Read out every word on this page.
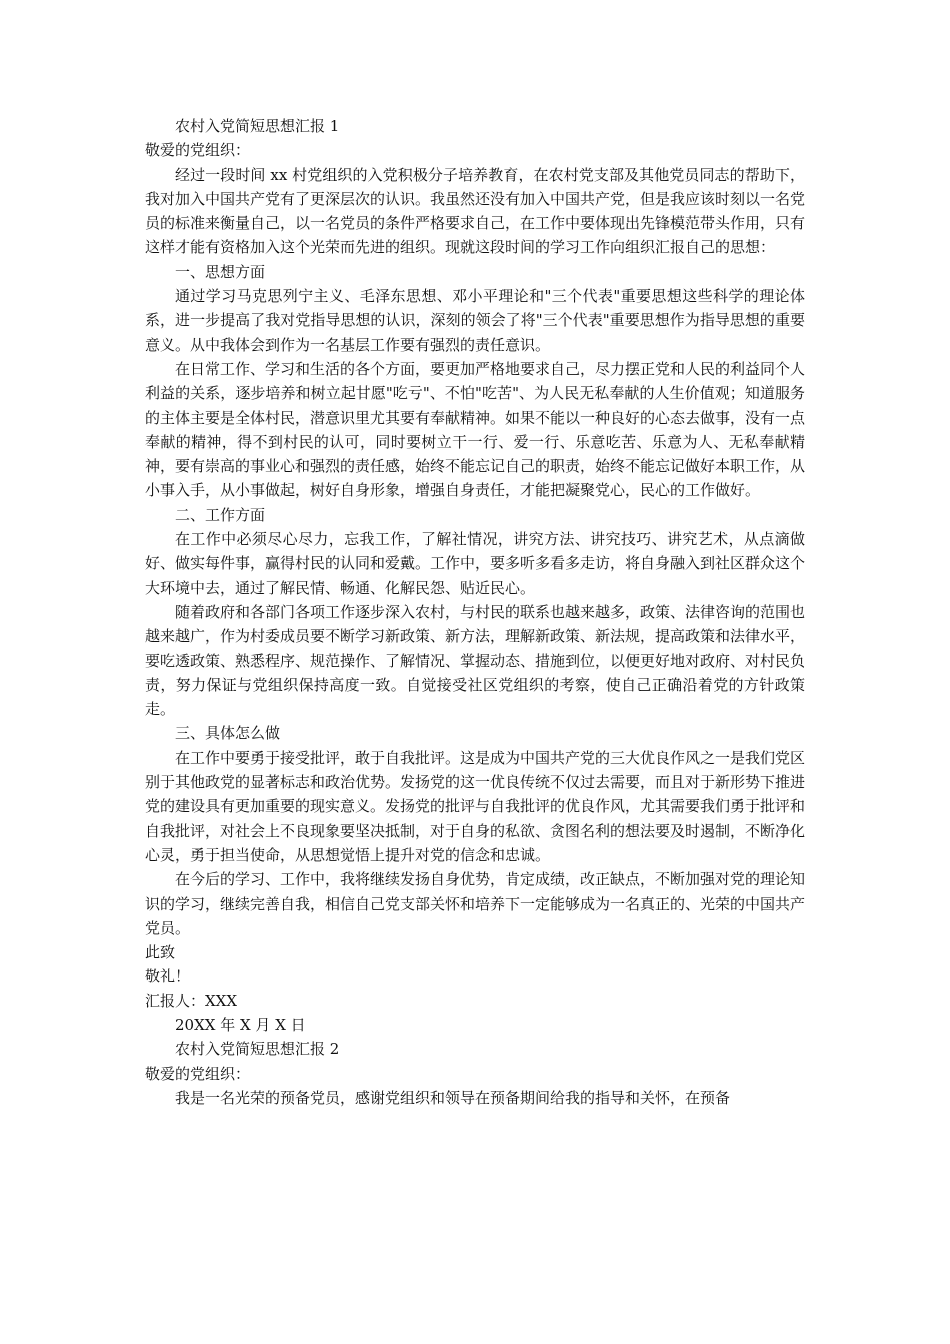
农村入党简短思想汇报 1

敬爱的党组织：

经过一段时间 xx 村党组织的入党积极分子培养教育，在农村党支部及其他党员同志的帮助下，我对加入中国共产党有了更深层次的认识。我虽然还没有加入中国共产党，但是我应该时刻以一名党员的标准来衡量自己，以一名党员的条件严格要求自己，在工作中要体现出先锋模范带头作用，只有这样才能有资格加入这个光荣而先进的组织。现就这段时间的学习工作向组织汇报自己的思想：

一、思想方面

通过学习马克思列宁主义、毛泽东思想、邓小平理论和"三个代表"重要思想这些科学的理论体系，进一步提高了我对党指导思想的认识，深刻的领会了将"三个代表"重要思想作为指导思想的重要意义。从中我体会到作为一名基层工作要有强烈的责任意识。

在日常工作、学习和生活的各个方面，要更加严格地要求自己，尽力摆正党和人民的利益同个人利益的关系，逐步培养和树立起甘愿"吃亏"、不怕"吃苦"、为人民无私奉献的人生价值观；知道服务的主体主要是全体村民，潜意识里尤其要有奉献精神。如果不能以一种良好的心态去做事，没有一点奉献的精神，得不到村民的认可，同时要树立干一行、爱一行、乐意吃苦、乐意为人、无私奉献精神，要有崇高的事业心和强烈的责任感，始终不能忘记自己的职责，始终不能忘记做好本职工作，从小事入手，从小事做起，树好自身形象，增强自身责任，才能把凝聚党心，民心的工作做好。

二、工作方面

在工作中必须尽心尽力，忘我工作，了解社情况，讲究方法、讲究技巧、讲究艺术，从点滴做好、做实每件事，赢得村民的认同和爱戴。工作中，要多听多看多走访，将自身融入到社区群众这个大环境中去，通过了解民情、畅通、化解民怨、贴近民心。

随着政府和各部门各项工作逐步深入农村，与村民的联系也越来越多，政策、法律咨询的范围也越来越广，作为村委成员要不断学习新政策、新方法，理解新政策、新法规，提高政策和法律水平，要吃透政策、熟悉程序、规范操作、了解情况、掌握动态、措施到位，以便更好地对政府、对村民负责，努力保证与党组织保持高度一致。自觉接受社区党组织的考察，使自己正确沿着党的方针政策走。

三、具体怎么做

在工作中要勇于接受批评，敢于自我批评。这是成为中国共产党的三大优良作风之一是我们党区别于其他政党的显著标志和政治优势。发扬党的这一优良传统不仅过去需要，而且对于新形势下推进党的建设具有更加重要的现实意义。发扬党的批评与自我批评的优良作风，尤其需要我们勇于批评和自我批评，对社会上不良现象要坚决抵制，对于自身的私欲、贪图名利的想法要及时遏制，不断净化心灵，勇于担当使命，从思想觉悟上提升对党的信念和忠诚。

在今后的学习、工作中，我将继续发扬自身优势，肯定成绩，改正缺点，不断加强对党的理论知识的学习，继续完善自我，相信自己党支部关怀和培养下一定能够成为一名真正的、光荣的中国共产党员。

此致

敬礼！

汇报人：XXX

20XX 年 X 月 X 日

农村入党简短思想汇报 2

敬爱的党组织：

我是一名光荣的预备党员，感谢党组织和领导在预备期间给我的指导和关怀，在预备
